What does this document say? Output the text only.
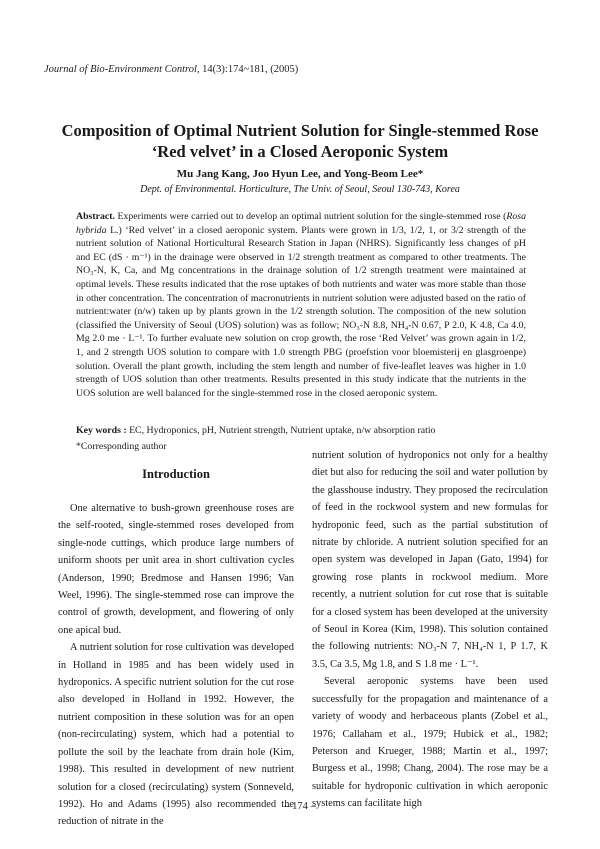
Journal of Bio-Environment Control, 14(3):174~181, (2005)
Composition of Optimal Nutrient Solution for Single-stemmed Rose
‘Red velvet’ in a Closed Aeroponic System
Mu Jang Kang, Joo Hyun Lee, and Yong-Beom Lee*
Dept. of Environmental. Horticulture, The Univ. of Seoul, Seoul 130-743, Korea

Abstract. Experiments were carried out to develop an optimal nutrient solution for the single-stemmed rose (Rosa hybrida L.) ‘Red velvet’ in a closed aeroponic system. Plants were grown in 1/3, 1/2, 1, or 3/2 strength of the nutrient solution of National Horticultural Research Station in Japan (NHRS). Significantly less changes of pH and EC (dS · m⁻¹) in the drainage were observed in 1/2 strength treatment as compared to other treatments. The NO₃-N, K, Ca, and Mg concentrations in the drainage solution of 1/2 strength treatment were maintained at optimal levels. These results indicated that the rose uptakes of both nutrients and water was more stable than those in other concentration. The concentration of macronutrients in nutrient solution were adjusted based on the ratio of nutrient:water (n/w) taken up by plants grown in the 1/2 strength solution. The composition of the new solution (classified the University of Seoul (UOS) solution) was as follow; NO₃-N 8.8, NH₄-N 0.67, P 2.0, K 4.8, Ca 4.0, Mg 2.0 me · L⁻¹. To further evaluate new solution on crop growth, the rose ‘Red Velvet’ was grown again in 1/2, 1, and 2 strength UOS solution to compare with 1.0 strength PBG (proefstion voor bloemisterij en glasgroenpe) solution. Overall the plant growth, including the stem length and number of five-leaflet leaves was higher in 1.0 strength of UOS solution than other treatments. Results presented in this study indicate that the nutrients in the UOS solution are well balanced for the single-stemmed rose in the closed aeroponic system.

Key words : EC, Hydroponics, pH, Nutrient strength, Nutrient uptake, n/w absorption ratio

*Corresponding author

Introduction

One alternative to bush-grown greenhouse roses are the self-rooted, single-stemmed roses developed from single-node cuttings, which produce large numbers of uniform shoots per unit area in short cultivation cycles (Anderson, 1990; Bredmose and Hansen 1996; Van Weel, 1996). The single-stemmed rose can improve the control of growth, development, and flowering of only one apical bud.

A nutrient solution for rose cultivation was developed in Holland in 1985 and has been widely used in hydroponics. A specific nutrient solution for the cut rose also developed in Holland in 1992. However, the nutrient composition in these solution was for an open (non-recirculating) system, which had a potential to pollute the soil by the leachate from drain hole (Kim, 1998). This resulted in development of new nutrient solution for a closed (recirculating) system (Sonneveld, 1992). Ho and Adams (1995) also recommended the reduction of nitrate in the

nutrient solution of hydroponics not only for a healthy diet but also for reducing the soil and water pollution by the glasshouse industry. They proposed the recirculation of feed in the rockwool system and new formulas for hydroponic feed, such as the partial substitution of nitrate by chloride. A nutrient solution specified for an open system was developed in Japan (Gato, 1994) for growing rose plants in rockwool medium. More recently, a nutrient solution for cut rose that is suitable for a closed system has been developed at the university of Seoul in Korea (Kim, 1998). This solution contained the following nutrients: NO₃-N 7, NH₄-N 1, P 1.7, K 3.5, Ca 3.5, Mg 1.8, and S 1.8 me · L⁻¹.

Several aeroponic systems have been used successfully for the propagation and maintenance of a variety of woody and herbaceous plants (Zobel et al., 1976; Callaham et al., 1979; Hubick et al., 1982; Peterson and Krueger, 1988; Martin et al., 1997; Burgess et al., 1998; Chang, 2004). The rose may be a suitable for hydroponic cultivation in which aeroponic systems can facilitate high

– 174 –
